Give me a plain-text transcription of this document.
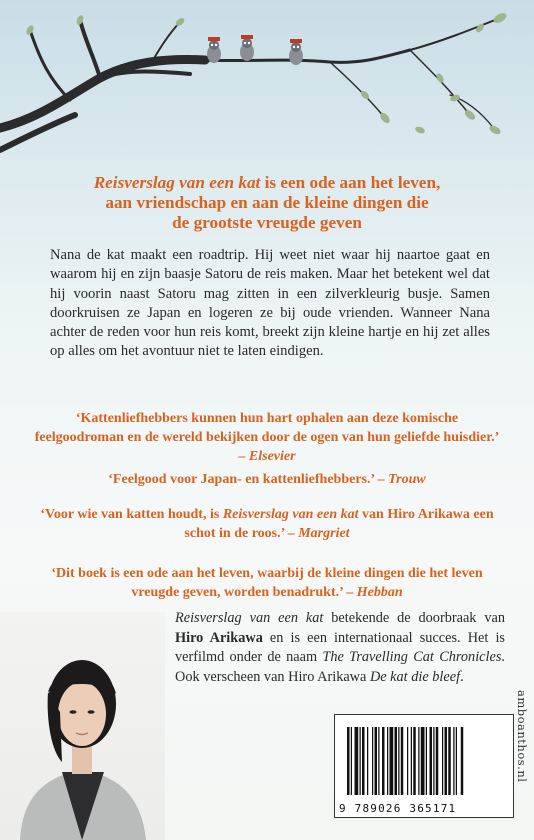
Reisverslag van een kat is een ode aan het leven,
aan vriendschap en aan de kleine dingen die
de grootste vreugde geven
Nana de kat maakt een roadtrip. Hij weet niet waar hij naartoe gaat en waarom hij en zijn baasje Satoru de reis maken. Maar het betekent wel dat hij voorin naast Satoru mag zitten in een zilverkleurig busje. Samen doorkruisen ze Japan en logeren ze bij oude vrienden. Wanneer Nana achter de reden voor hun reis komt, breekt zijn kleine hartje en hij zet alles op alles om het avontuur niet te laten eindigen.
‘Kattenliefhebbers kunnen hun hart ophalen aan deze komische feelgoodroman en de wereld bekijken door de ogen van hun geliefde huisdier.’ – Elsevier
‘Feelgood voor Japan- en kattenliefhebbers.’ – Trouw
‘Voor wie van katten houdt, is Reisverslag van een kat van Hiro Arikawa een schot in de roos.’ – Margriet
‘Dit boek is een ode aan het leven, waarbij de kleine dingen die het leven vreugde geven, worden benadrukt.’ – Hebban
Reisverslag van een kat betekende de doorbraak van Hiro Arikawa en is een internationaal succes. Het is verfilmd onder de naam The Travelling Cat Chronicles. Ook verscheen van Hiro Arikawa De kat die bleef.
9 789026 365171
amboanthos.nl
